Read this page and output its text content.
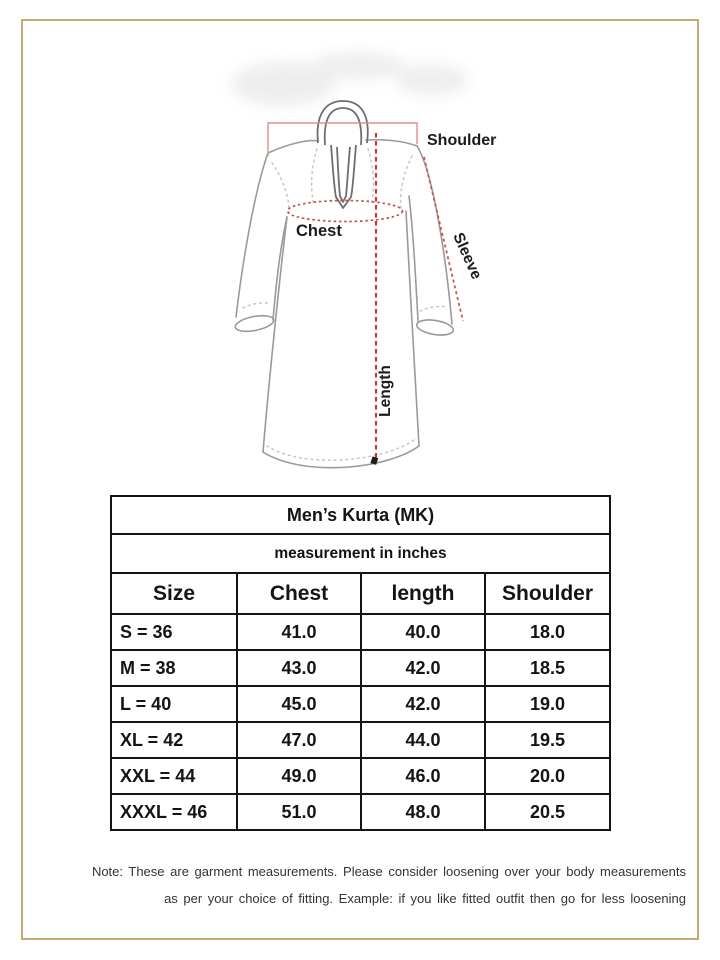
Shoulder
Chest	Sleeve
Length
Men’s Kurta (MK)			
measurement in inches			
Size	Chest	length	Shoulder
S = 36	41.0	40.0	18.0
M = 38	43.0	42.0	18.5
L = 40	45.0	42.0	19.0
XL = 42	47.0	44.0	19.5
XXL = 44	49.0	46.0	20.0
XXXL = 46	51.0	48.0	20.5
Note: These are garment measurements. Please consider loosening over your body measurements
as per your choice of fitting. Example: if you like fitted outfit then go for less loosening
